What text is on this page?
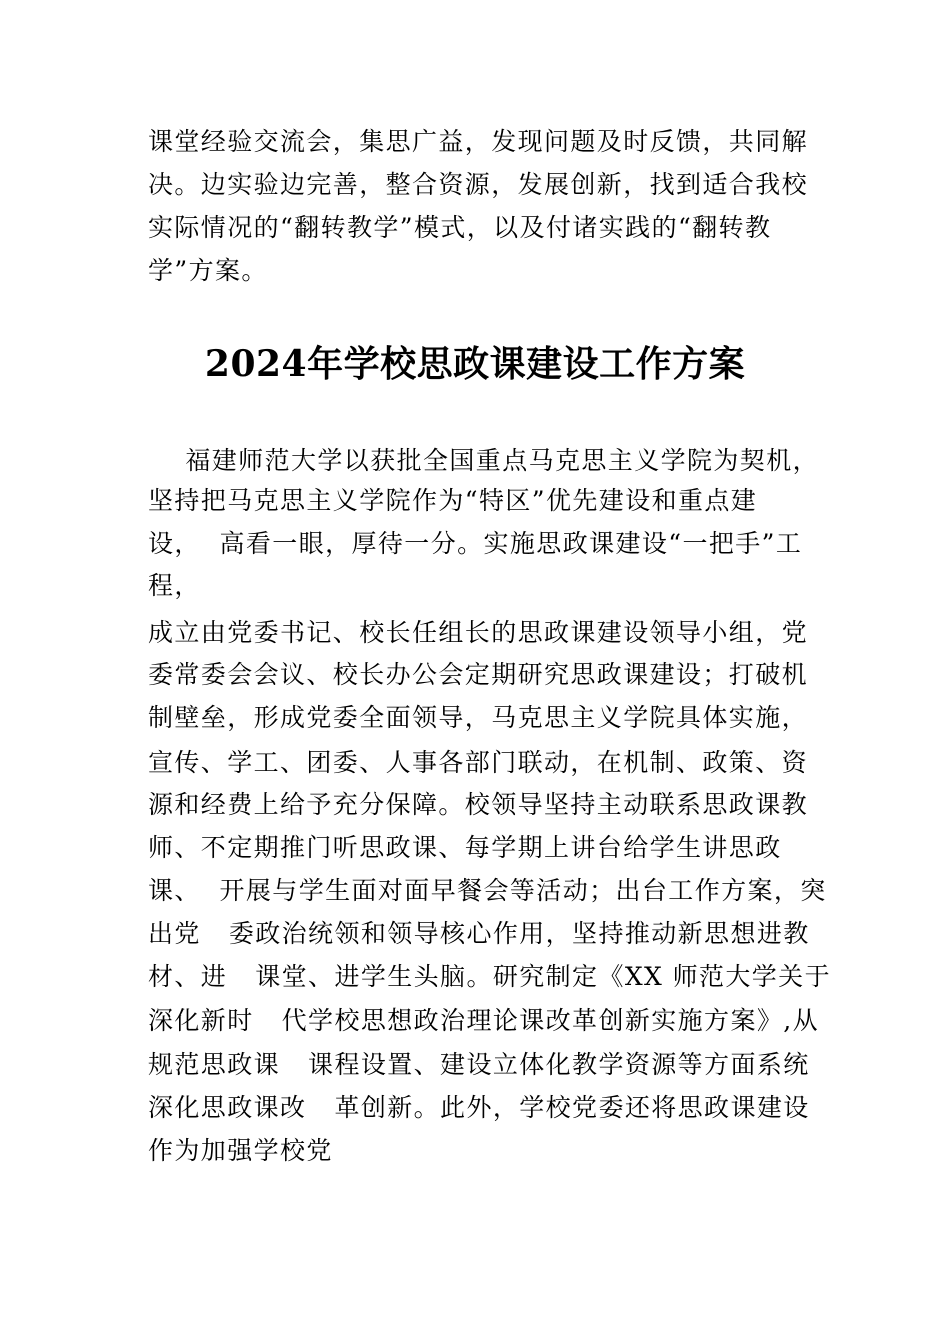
课堂经验交流会，集思广益，发现问题及时反馈，共同解
决。边实验边完善，整合资源，发展创新，找到适合我校
实际情况的“翻转教学”模式，以及付诸实践的“翻转教
学”方案。
2024年学校思政课建设工作方案
福建师范大学以获批全国重点马克思主义学院为契机，
坚持把马克思主义学院作为“特区”优先建设和重点建
设，  高看一眼，厚待一分。实施思政课建设“一把手”工
程，
成立由党委书记、校长任组长的思政课建设领导小组，党
委常委会会议、校长办公会定期研究思政课建设；打破机
制壁垒，形成党委全面领导，马克思主义学院具体实施，
宣传、学工、团委、人事各部门联动，在机制、政策、资
源和经费上给予充分保障。校领导坚持主动联系思政课教
师、不定期推门听思政课、每学期上讲台给学生讲思政
课、  开展与学生面对面早餐会等活动；出台工作方案，突
出党   委政治统领和领导核心作用，坚持推动新思想进教
材、进   课堂、进学生头脑。研究制定《XX 师范大学关于
深化新时   代学校思想政治理论课改革创新实施方案》,从
规范思政课   课程设置、建设立体化教学资源等方面系统
深化思政课改   革创新。此外，学校党委还将思政课建设
作为加强学校党
